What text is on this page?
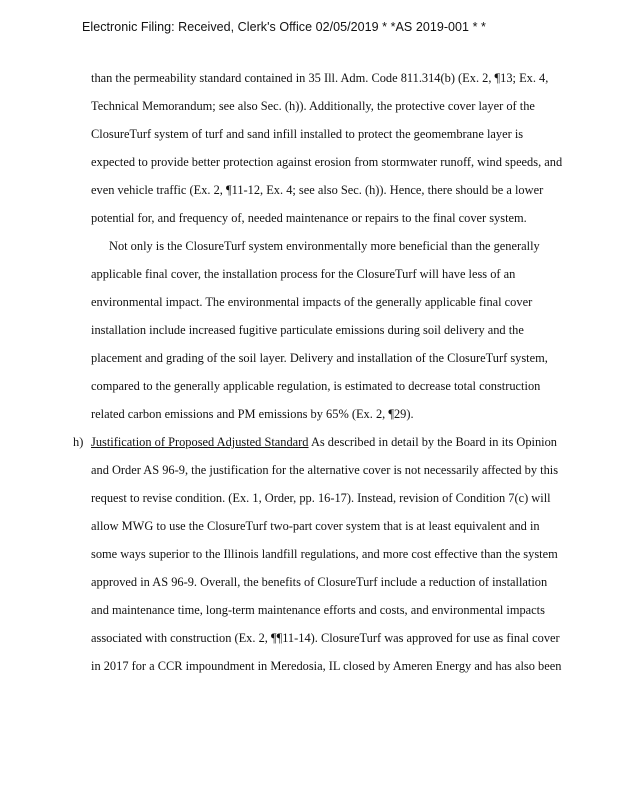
Electronic Filing: Received, Clerk's Office 02/05/2019 * *AS 2019-001 * *
than the permeability standard contained in 35 Ill. Adm. Code 811.314(b) (Ex. 2, ¶13; Ex. 4,
Technical Memorandum; see also Sec. (h)). Additionally, the protective cover layer of the
ClosureTurf system of turf and sand infill installed to protect the geomembrane layer is
expected to provide better protection against erosion from stormwater runoff, wind speeds, and
even vehicle traffic (Ex. 2, ¶11-12, Ex. 4; see also Sec. (h)). Hence, there should be a lower
potential for, and frequency of, needed maintenance or repairs to the final cover system.
Not only is the ClosureTurf system environmentally more beneficial than the generally
applicable final cover, the installation process for the ClosureTurf will have less of an
environmental impact. The environmental impacts of the generally applicable final cover
installation include increased fugitive particulate emissions during soil delivery and the
placement and grading of the soil layer. Delivery and installation of the ClosureTurf system,
compared to the generally applicable regulation, is estimated to decrease total construction
related carbon emissions and PM emissions by 65% (Ex. 2, ¶29).
h) Justification of Proposed Adjusted Standard As described in detail by the Board in its Opinion
and Order AS 96-9, the justification for the alternative cover is not necessarily affected by this
request to revise condition. (Ex. 1, Order, pp. 16-17). Instead, revision of Condition 7(c) will
allow MWG to use the ClosureTurf two-part cover system that is at least equivalent and in
some ways superior to the Illinois landfill regulations, and more cost effective than the system
approved in AS 96-9. Overall, the benefits of ClosureTurf include a reduction of installation
and maintenance time, long-term maintenance efforts and costs, and environmental impacts
associated with construction (Ex. 2, ¶¶11-14). ClosureTurf was approved for use as final cover
in 2017 for a CCR impoundment in Meredosia, IL closed by Ameren Energy and has also been
